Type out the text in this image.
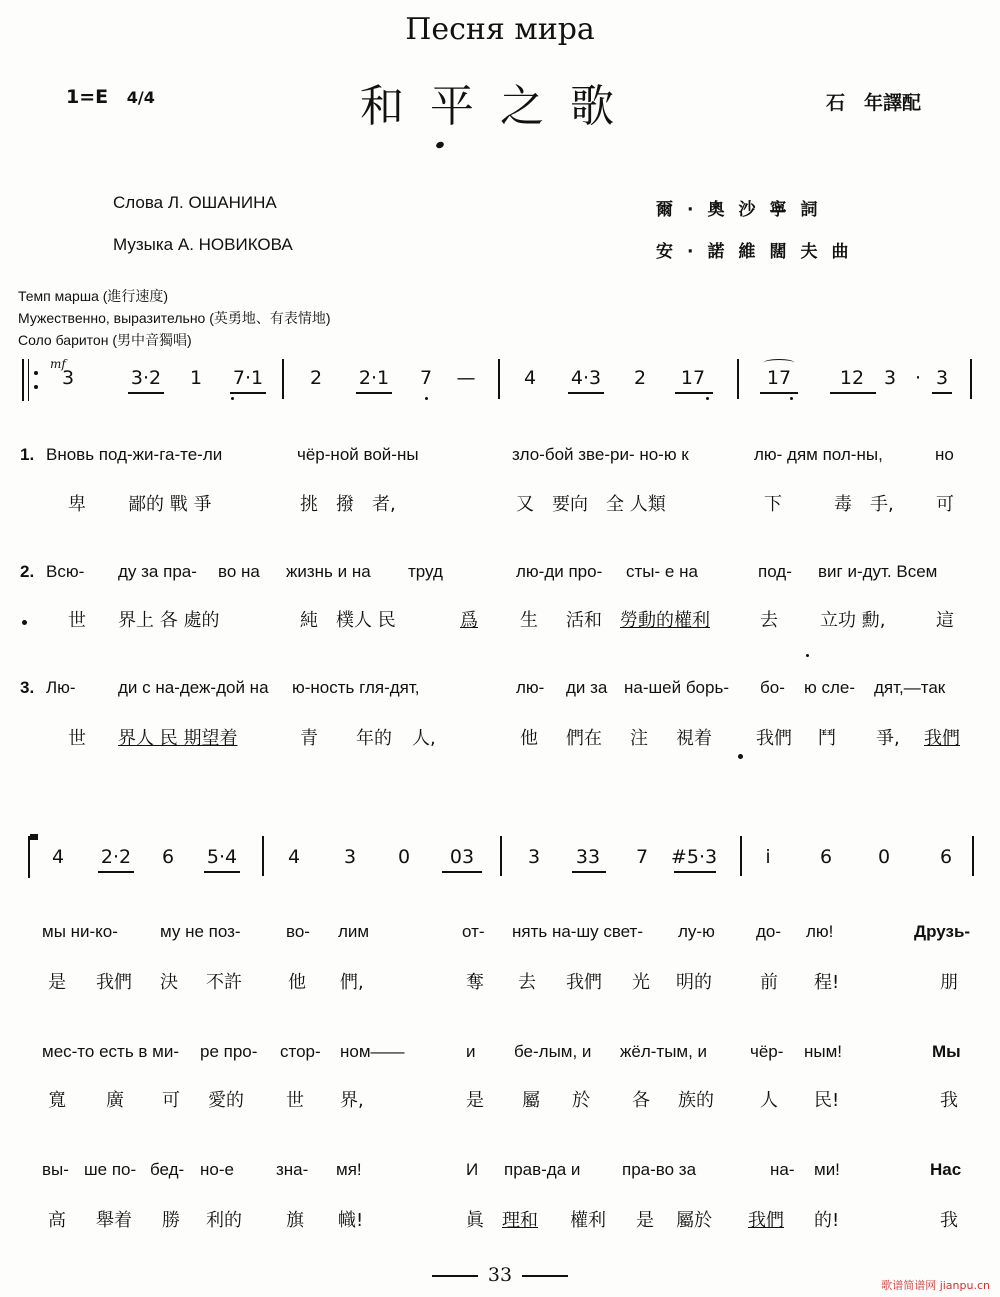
Песня мира
1=E 4/4	和平之歌	石　年譯配
Слова Л. ОШАНИНА
Музыка А. НОВИКОВА
爾·奧沙寧詞
安·諾維闊夫曲
Темп марша (進行速度)
Мужественно, выразительно (英勇地、有表情地)
Соло баритон (男中音獨唱)
mf
3	3·2 1 7·1 2 2·1 7 —	4 4·3 2 17	17	12 3 · 3
1. Вновь под-жи-га-те-ли	чёр-ной вой-ны	зло-бой зве-ри- но-ю к	лю- дям пол-ны,	но
卑 鄙的 戰 爭	挑　撥　者,	又　要向　全 人類	下	毒　手, 可
2. Всю- ду за пра- во на жизнь и на труд	лю-ди про- сты- е на	под- виг и-дут. Всем
世 界上 各 處的	純　樸人 民	爲 生 活和 勞動的權利	去 立功 勳,	這
3. Лю- ди с на-деж-дой на ю-ность гля-дят,	лю- ди за на-шей борь- бо- ю сле- дят,—так
世 界人 民 期望着	青 年的 人,	他 們在 注 視着 我們 鬥 爭, 我們
4 2·2 6 5·4	4 3 0 03	3 33 7 #5·3	i	6 0	6
мы ни-ко- му не поз-	во- лим	от- нять на-шу свет- лу-ю до- лю!	Друзь-
是 我們 決 不許	他 們,	奪 去 我們 光 明的	前 程!	朋
мес-то есть в ми- ре про- стор- ном——	и бе-лым, и жёл-тым, и	чёр- ным!	Мы
寬 廣 可 愛的 世 界,	是 屬 於 各 族的	人 民!	我
вы- ше по- бед- но-е зна- мя!	И прав-да и пра-во за	на- ми!	Нас
高 舉着 勝 利的 旗 幟!	眞 理和 權利 是 屬於 我們 的!	我
33	歌谱简谱网 jianpu.cn
